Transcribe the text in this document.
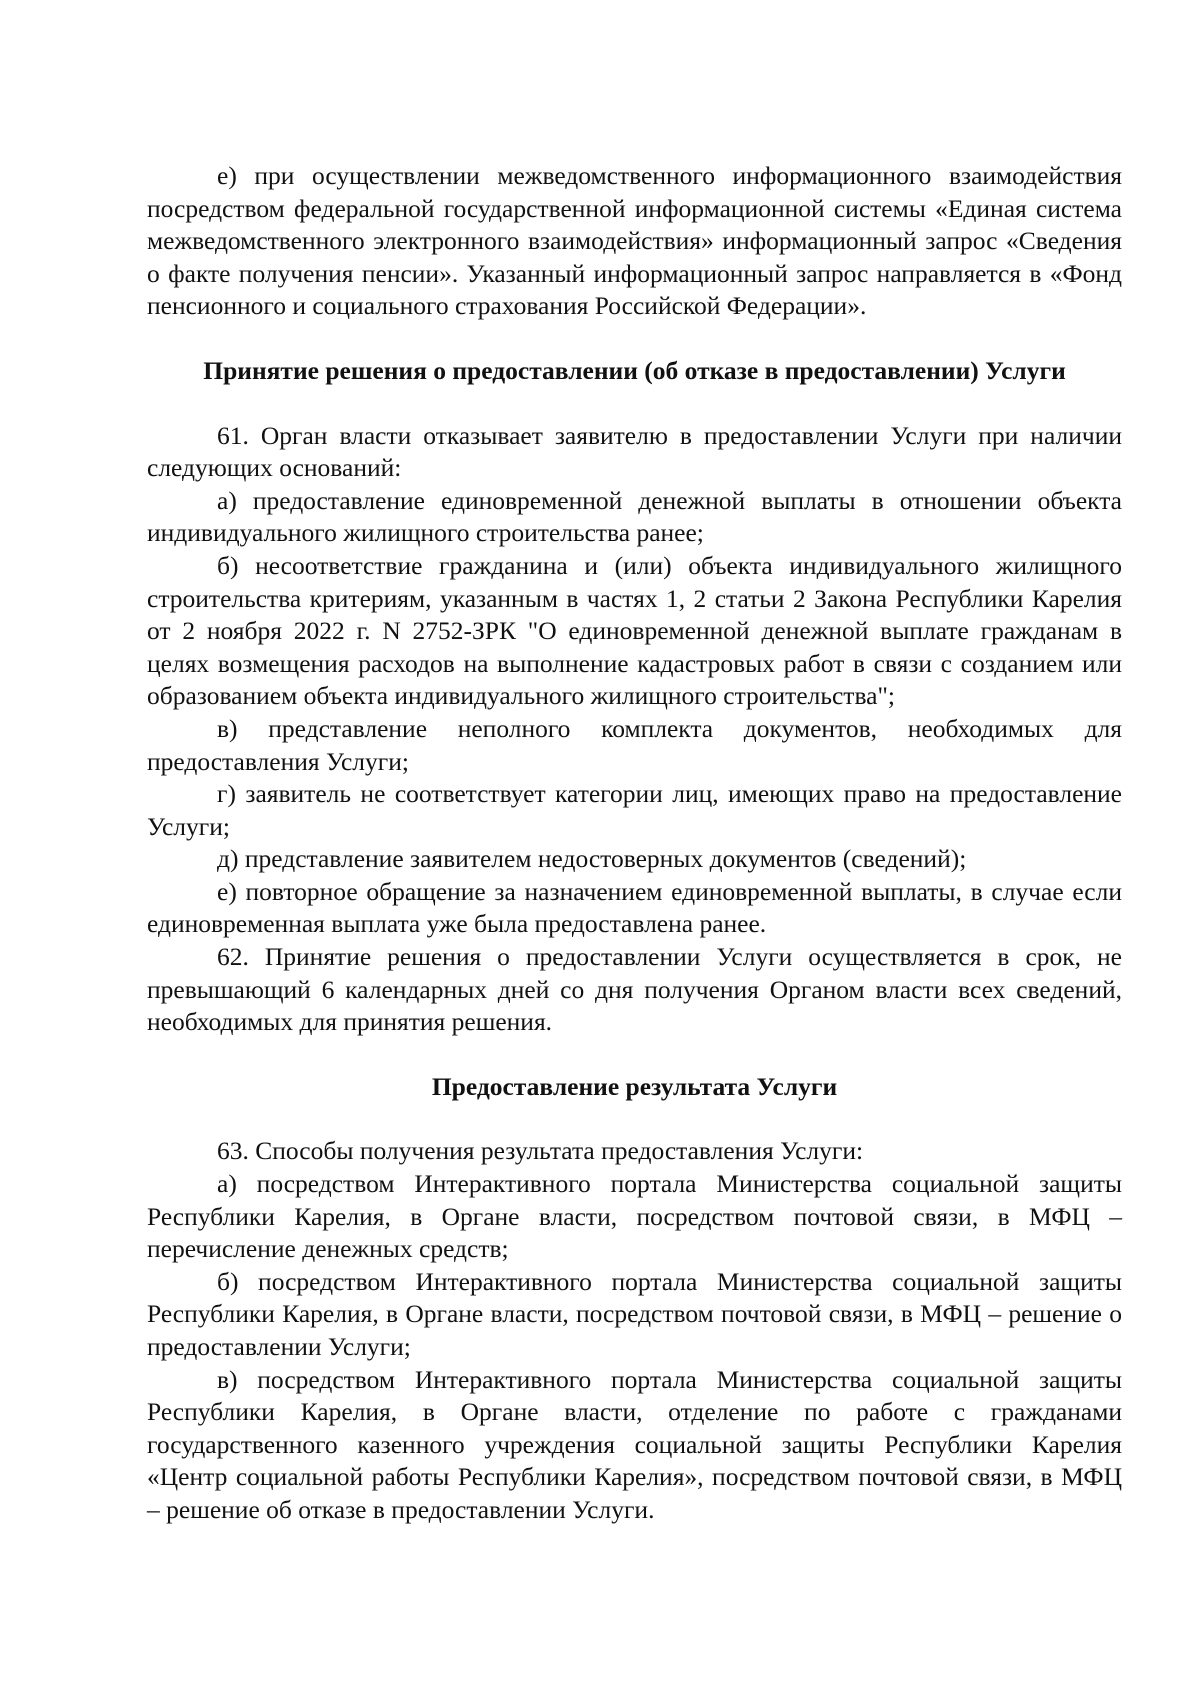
е) при осуществлении межведомственного информационного взаимодействия посредством федеральной государственной информационной системы «Единая система межведомственного электронного взаимодействия» информационный запрос «Сведения о факте получения пенсии». Указанный информационный запрос направляется в «Фонд пенсионного и социального страхования Российской Федерации».

Принятие решения о предоставлении (об отказе в предоставлении) Услуги

61. Орган власти отказывает заявителю в предоставлении Услуги при наличии следующих оснований:

а) предоставление единовременной денежной выплаты в отношении объекта индивидуального жилищного строительства ранее;

б) несоответствие гражданина и (или) объекта индивидуального жилищного строительства критериям, указанным в частях 1, 2 статьи 2 Закона Республики Карелия от 2 ноября 2022 г. N 2752-ЗРК "О единовременной денежной выплате гражданам в целях возмещения расходов на выполнение кадастровых работ в связи с созданием или образованием объекта индивидуального жилищного строительства";

в) представление неполного комплекта документов, необходимых для предоставления Услуги;

г) заявитель не соответствует категории лиц, имеющих право на предоставление Услуги;

д) представление заявителем недостоверных документов (сведений);

е) повторное обращение за назначением единовременной выплаты, в случае если единовременная выплата уже была предоставлена ранее.

62. Принятие решения о предоставлении Услуги осуществляется в срок, не превышающий 6 календарных дней со дня получения Органом власти всех сведений, необходимых для принятия решения.

Предоставление результата Услуги

63. Способы получения результата предоставления Услуги:

а) посредством Интерактивного портала Министерства социальной защиты Республики Карелия, в Органе власти, посредством почтовой связи, в МФЦ – перечисление денежных средств;

б) посредством Интерактивного портала Министерства социальной защиты Республики Карелия, в Органе власти, посредством почтовой связи, в МФЦ – решение о предоставлении Услуги;

в) посредством Интерактивного портала Министерства социальной защиты Республики Карелия, в Органе власти, отделение по работе с гражданами государственного казенного учреждения социальной защиты Республики Карелия «Центр социальной работы Республики Карелия», посредством почтовой связи, в МФЦ – решение об отказе в предоставлении Услуги.
